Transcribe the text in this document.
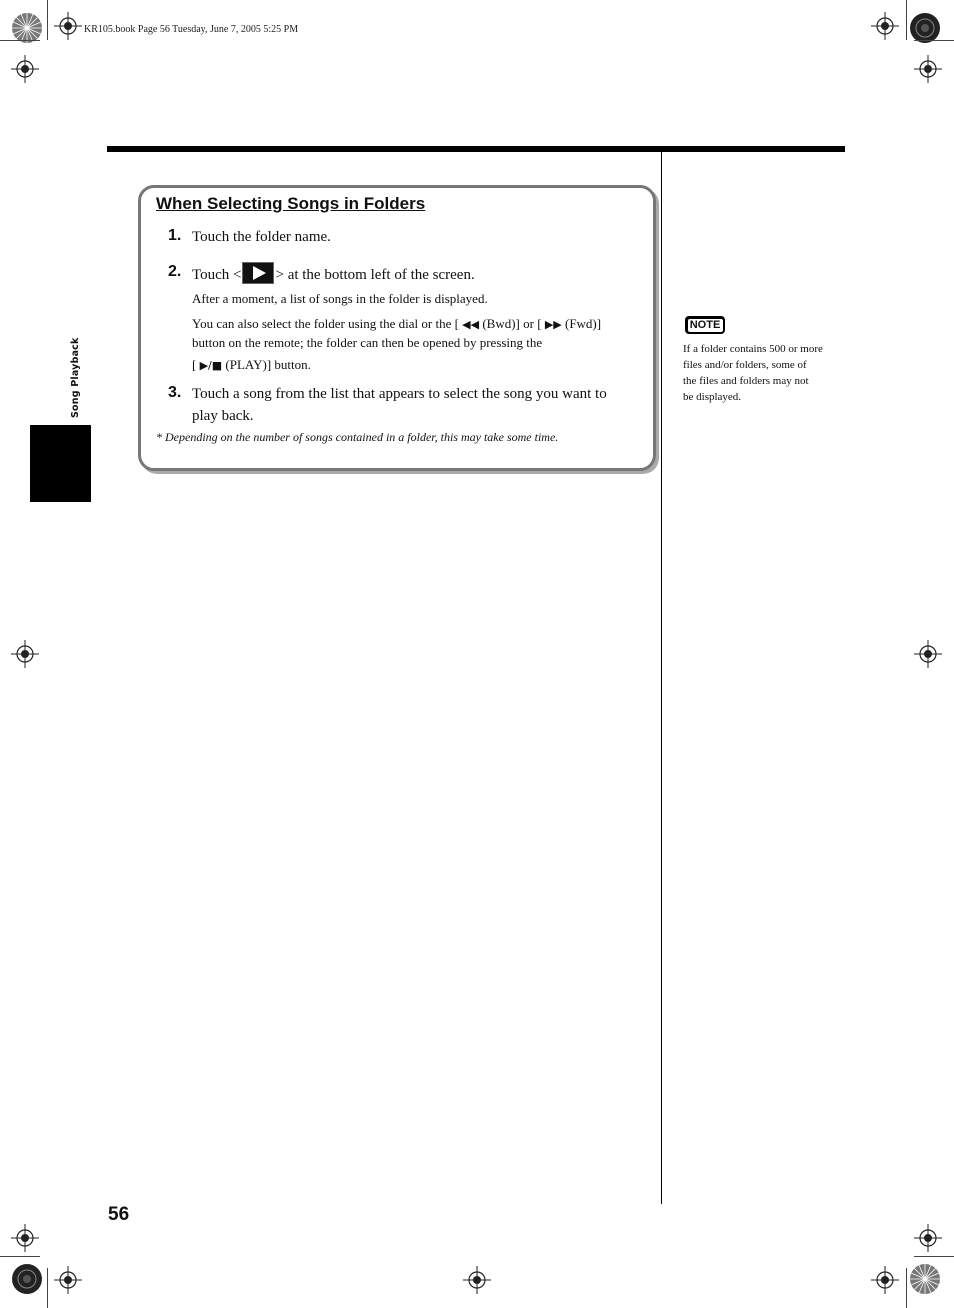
KR105.book Page 56 Tuesday, June 7, 2005 5:25 PM
Song Playback
When Selecting Songs in Folders
1. Touch the folder name.
2. Touch < > at the bottom left of the screen.
After a moment, a list of songs in the folder is displayed.
You can also select the folder using the dial or the [ ◀◀ (Bwd)] or [ ▶▶ (Fwd)]
button on the remote; the folder can then be opened by pressing the
[ ▶/■ (PLAY)] button.
3. Touch a song from the list that appears to select the song you want to
play back.
* Depending on the number of songs contained in a folder, this may take some time.
NOTE
If a folder contains 500 or more
files and/or folders, some of
the files and folders may not
be displayed.
56
